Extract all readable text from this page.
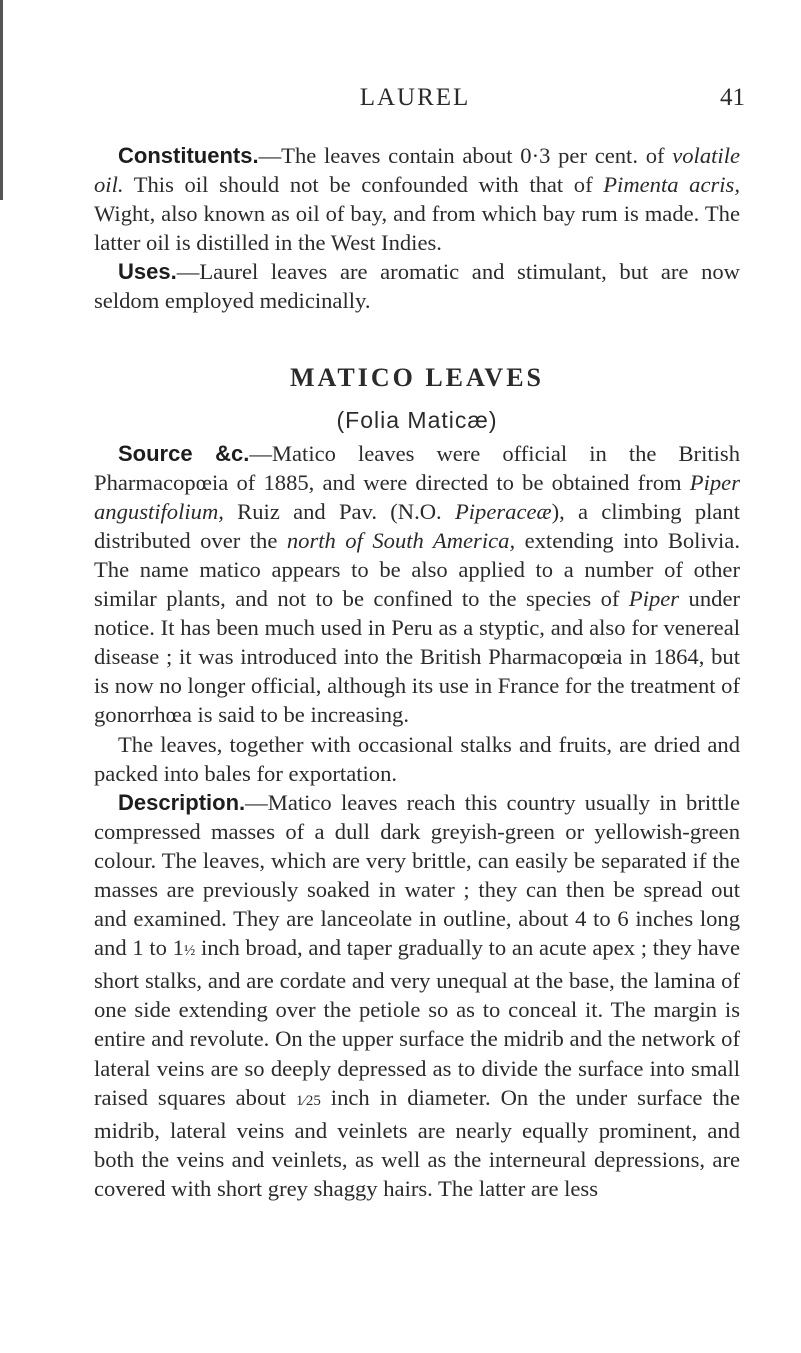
LAUREL	41

Constituents.—The leaves contain about 0·3 per cent. of volatile oil. This oil should not be confounded with that of Pimenta acris, Wight, also known as oil of bay, and from which bay rum is made. The latter oil is distilled in the West Indies.

Uses.—Laurel leaves are aromatic and stimulant, but are now seldom employed medicinally.

MATICO LEAVES
(Folia Maticæ)

Source &c.—Matico leaves were official in the British Pharmacopœia of 1885, and were directed to be obtained from Piper angustifolium, Ruiz and Pav. (N.O. Piperaceæ), a climbing plant distributed over the north of South America, extending into Bolivia. The name matico appears to be also applied to a number of other similar plants, and not to be confined to the species of Piper under notice. It has been much used in Peru as a styptic, and also for venereal disease ; it was introduced into the British Pharmacopœia in 1864, but is now no longer official, although its use in France for the treatment of gonorrhœa is said to be increasing.

The leaves, together with occasional stalks and fruits, are dried and packed into bales for exportation.

Description.—Matico leaves reach this country usually in brittle compressed masses of a dull dark greyish-green or yellowish-green colour. The leaves, which are very brittle, can easily be separated if the masses are previously soaked in water ; they can then be spread out and examined. They are lanceolate in outline, about 4 to 6 inches long and 1 to 1½ inch broad, and taper gradually to an acute apex ; they have short stalks, and are cordate and very unequal at the base, the lamina of one side extending over the petiole so as to conceal it. The margin is entire and revolute. On the upper surface the midrib and the network of lateral veins are so deeply depressed as to divide the surface into small raised squares about 1⁄25 inch in diameter. On the under surface the midrib, lateral veins and veinlets are nearly equally prominent, and both the veins and veinlets, as well as the interneural depressions, are covered with short grey shaggy hairs. The latter are less
